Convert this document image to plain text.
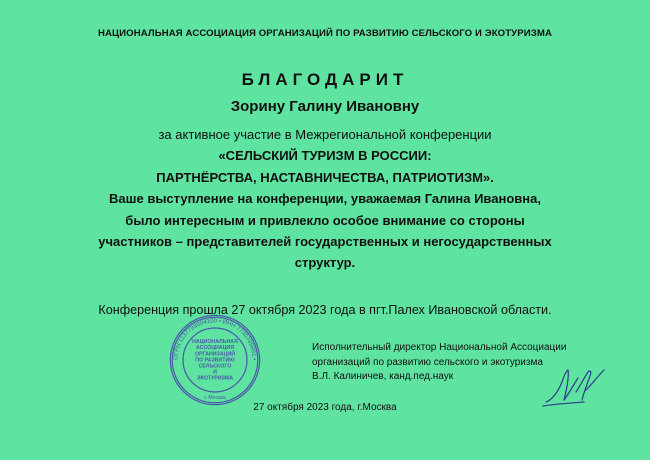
НАЦИОНАЛЬНАЯ АССОЦИАЦИЯ ОРГАНИЗАЦИЙ ПО РАЗВИТИЮ СЕЛЬСКОГО И ЭКОТУРИЗМА
БЛАГОДАРИТ
Зорину Галину Ивановну
за активное участие в Межрегиональной конференции
«СЕЛЬСКИЙ ТУРИЗМ В РОССИИ:
ПАРТНЁРСТВА, НАСТАВНИЧЕСТВА, ПАТРИОТИЗМ».
Ваше выступление на конференции, уважаемая Галина Ивановна,
было интересным и привлекло особое внимание со стороны
участников – представителей государственных и негосударственных
структур.
Конференция прошла 27 октября 2023 года в пгт.Палех Ивановской области.
ОГРН 1137799004100 • ИНН 7730709891 •
НАЦИОНАЛЬНАЯ
АССОЦИАЦИЯ
ОРГАНИЗАЦИЙ
ПО РАЗВИТИЮ
СЕЛЬСКОГО
И
ЭКОТУРИЗМА
г. Москва
Исполнительный директор Национальной Ассоциации
организаций по развитию сельского и экотуризма
В.Л. Калиничев, канд.пед.наук
27 октября 2023 года, г.Москва
